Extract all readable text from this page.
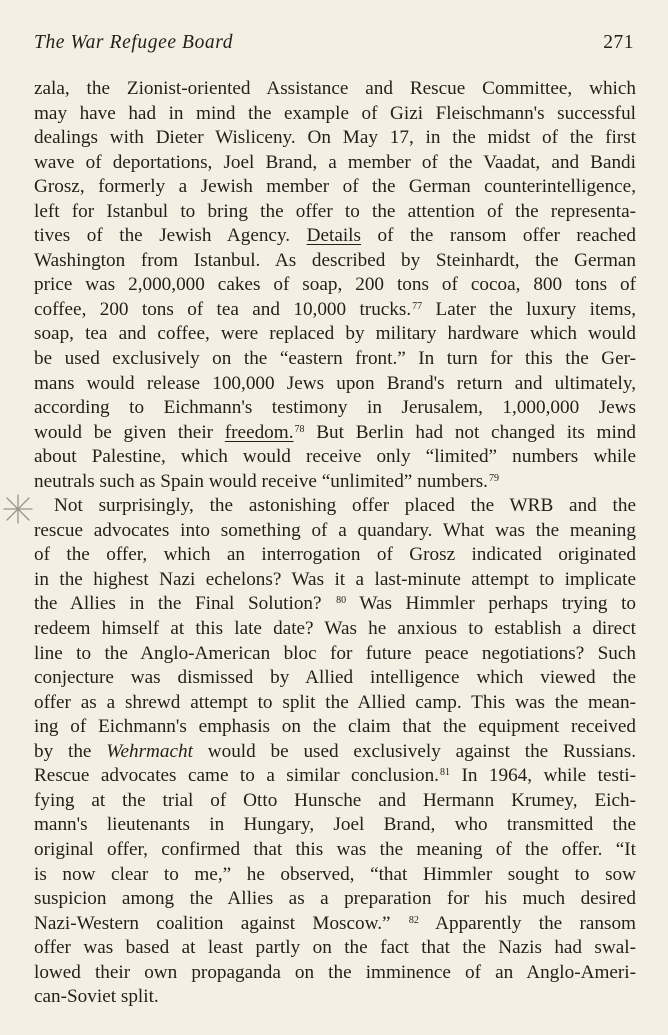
The War Refugee Board	271
zala, the Zionist-oriented Assistance and Rescue Committee, which
may have had in mind the example of Gizi Fleischmann's successful
dealings with Dieter Wisliceny. On May 17, in the midst of the first
wave of deportations, Joel Brand, a member of the Vaadat, and Bandi
Grosz, formerly a Jewish member of the German counterintelligence,
left for Istanbul to bring the offer to the attention of the representa-
tives of the Jewish Agency. Details of the ransom offer reached
Washington from Istanbul. As described by Steinhardt, the German
price was 2,000,000 cakes of soap, 200 tons of cocoa, 800 tons of
coffee, 200 tons of tea and 10,000 trucks.$^{77}$ Later the luxury items,
soap, tea and coffee, were replaced by military hardware which would
be used exclusively on the “eastern front.” In turn for this the Ger-
mans would release 100,000 Jews upon Brand's return and ultimately,
according to Eichmann's testimony in Jerusalem, 1,000,000 Jews
would be given their freedom.$^{78}$ But Berlin had not changed its mind
about Palestine, which would receive only “limited” numbers while
neutrals such as Spain would receive “unlimited” numbers.$^{79}$
Not surprisingly, the astonishing offer placed the WRB and the
rescue advocates into something of a quandary. What was the meaning
of the offer, which an interrogation of Grosz indicated originated
in the highest Nazi echelons? Was it a last-minute attempt to implicate
the Allies in the Final Solution? $^{80}$ Was Himmler perhaps trying to
redeem himself at this late date? Was he anxious to establish a direct
line to the Anglo-American bloc for future peace negotiations? Such
conjecture was dismissed by Allied intelligence which viewed the
offer as a shrewd attempt to split the Allied camp. This was the mean-
ing of Eichmann's emphasis on the claim that the equipment received
by the Wehrmacht would be used exclusively against the Russians.
Rescue advocates came to a similar conclusion.$^{81}$ In 1964, while testi-
fying at the trial of Otto Hunsche and Hermann Krumey, Eich-
mann's lieutenants in Hungary, Joel Brand, who transmitted the
original offer, confirmed that this was the meaning of the offer. “It
is now clear to me,” he observed, “that Himmler sought to sow
suspicion among the Allies as a preparation for his much desired
Nazi-Western coalition against Moscow.” $^{82}$ Apparently the ransom
offer was based at least partly on the fact that the Nazis had swal-
lowed their own propaganda on the imminence of an Anglo-Ameri-
can-Soviet split.
